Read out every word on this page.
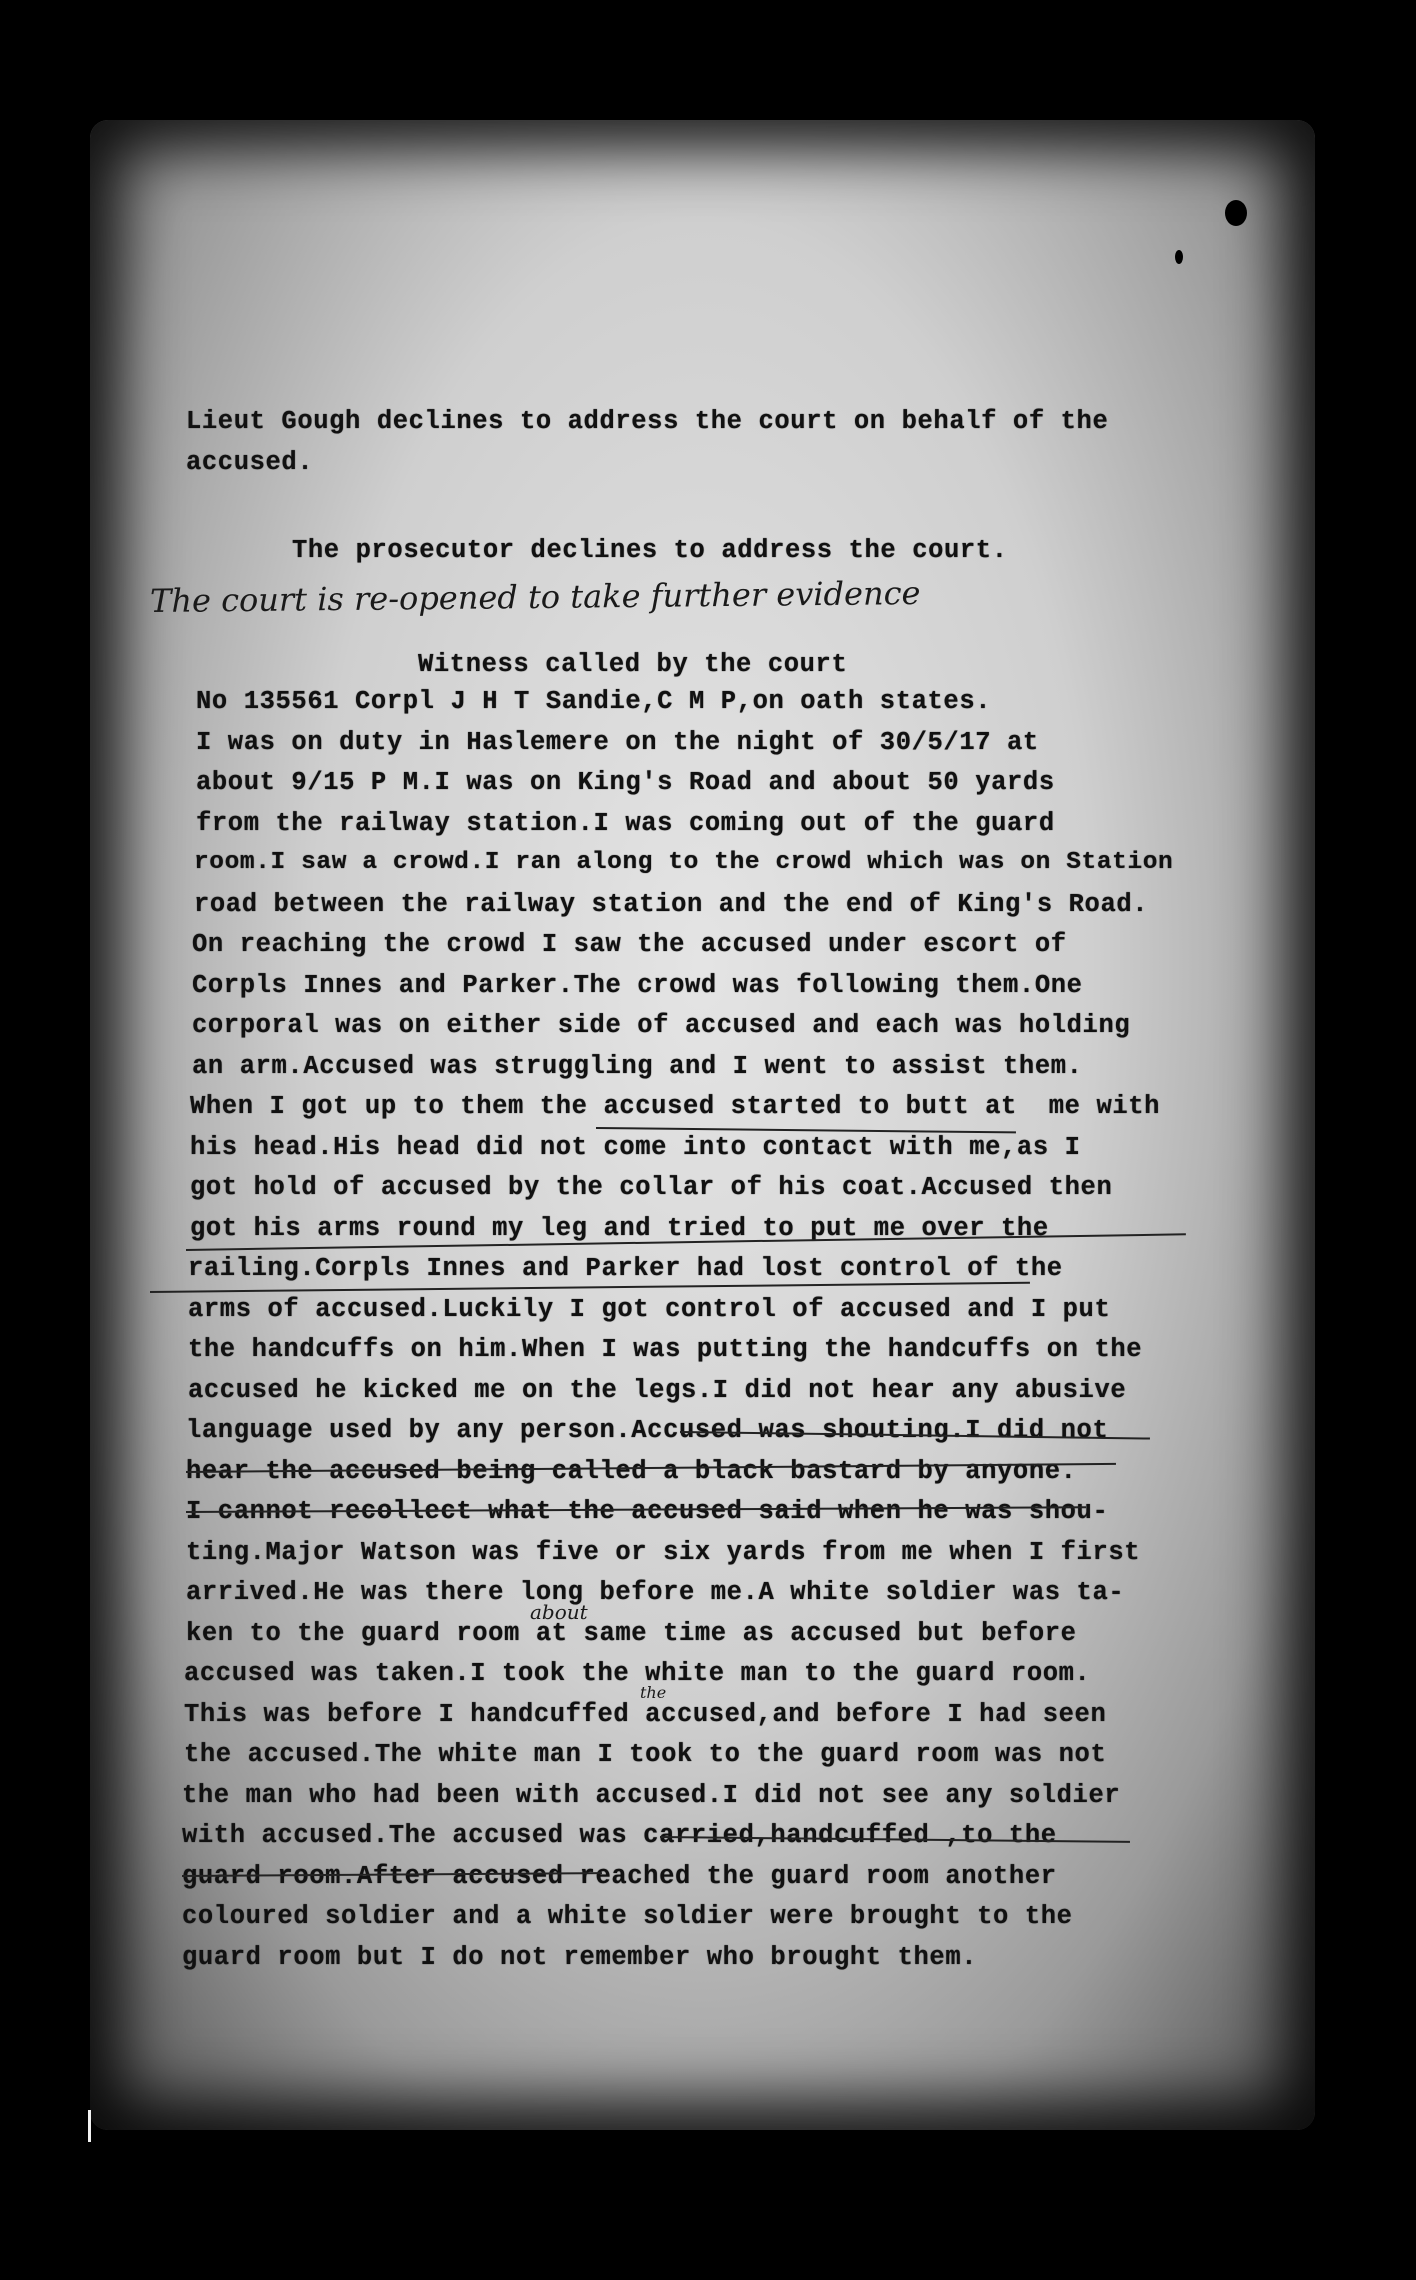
Lieut Gough declines to address the court on behalf of the
accused.
The prosecutor declines to address the court.
The court is re-opened to take further evidence
Witness called by the court
No 135561 Corpl J H T Sandie,C M P,on oath states.
I was on duty in Haslemere on the night of 30/5/17 at
about 9/15 P M.I was on King's Road and about 50 yards
from the railway station.I was coming out of the guard
room.I saw a crowd.I ran along to the crowd which was on Station
road between the railway station and the end of King's Road.
On reaching the crowd I saw the accused under escort of
Corpls Innes and Parker.The crowd was following them.One
corporal was on either side of accused and each was holding
an arm.Accused was struggling and I went to assist them.
When I got up to them the accused started to butt at  me with
his head.His head did not come into contact with me,as I
got hold of accused by the collar of his coat.Accused then
got his arms round my leg and tried to put me over the
railing.Corpls Innes and Parker had lost control of the
arms of accused.Luckily I got control of accused and I put
the handcuffs on him.When I was putting the handcuffs on the
accused he kicked me on the legs.I did not hear any abusive
language used by any person.Accused was shouting.I did not
hear the accused being called a black bastard by anyone.
I cannot recollect what the accused said when he was shou-
ting.Major Watson was five or six yards from me when I first
arrived.He was there long before me.A white soldier was ta-
ken to the guard room at same time as accused but before
accused was taken.I took the white man to the guard room.
This was before I handcuffed accused,and before I had seen
the accused.The white man I took to the guard room was not
the man who had been with accused.I did not see any soldier
with accused.The accused was carried,handcuffed ,to the
guard room.After accused reached the guard room another
coloured soldier and a white soldier were brought to the
guard room but I do not remember who brought them.
about
the
